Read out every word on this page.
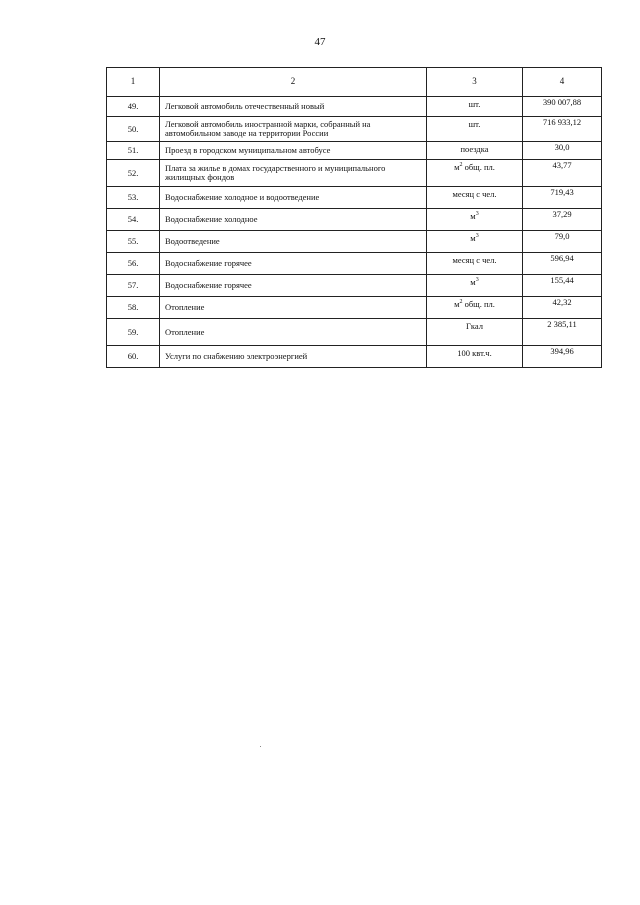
47
1	2	3	4
49.	Легковой автомобиль отечественный новый	шт.	390 007,88
50.	Легковой автомобиль иностранной марки, собранный на автомобильном заводе на территории России	шт.	716 933,12
51.	Проезд в городском муниципальном автобусе	поездка	30,0
52.	Плата за жилье в домах государственного и муниципального жилищных фондов	$м^2$ общ. пл.	43,77
53.	Водоснабжение холодное и водоотведение	месяц с чел.	719,43
54.	Водоснабжение холодное	$м^3$	37,29
55.	Водоотведение	$м^3$	79,0
56.	Водоснабжение горячее	месяц с чел.	596,94
57.	Водоснабжение горячее	$м^3$	155,44
58.	Отопление	$м^2$ общ. пл.	42,32
59.	Отопление	Гкал	2 385,11
60.	Услуги по снабжению электроэнергией	100 квт.ч.	394,96
